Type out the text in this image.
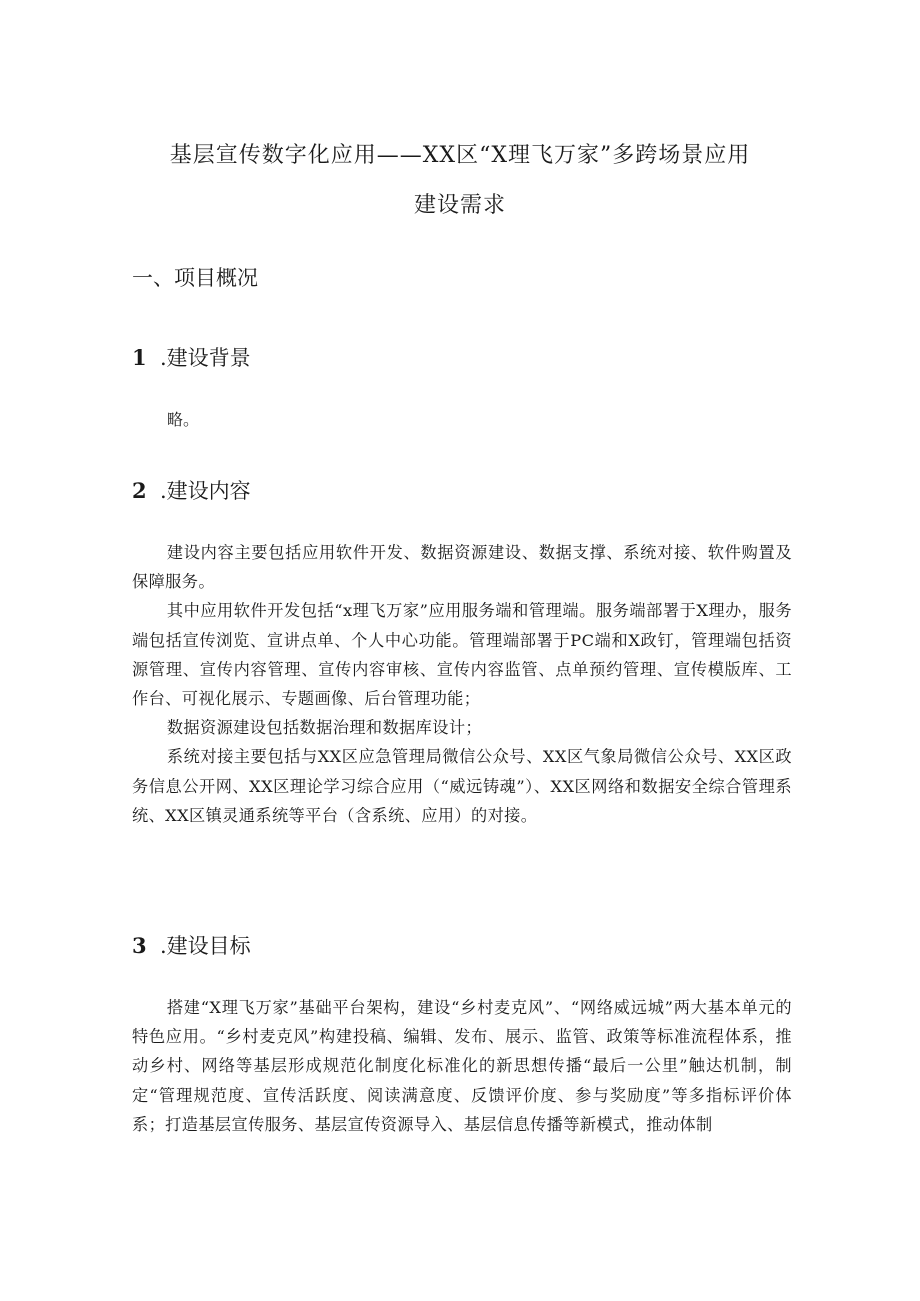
基层宣传数字化应用——XX区“X理飞万家”多跨场景应用
建设需求
一、项目概况
1 .建设背景
略。
2 .建设内容

建设内容主要包括应用软件开发、数据资源建设、数据支撑、系统对接、软件购置及保障服务。

其中应用软件开发包括“x理飞万家”应用服务端和管理端。服务端部署于X理办，服务端包括宣传浏览、宣讲点单、个人中心功能。管理端部署于PC端和X政钉，管理端包括资源管理、宣传内容管理、宣传内容审核、宣传内容监管、点单预约管理、宣传模版库、工作台、可视化展示、专题画像、后台管理功能；

数据资源建设包括数据治理和数据库设计；

系统对接主要包括与XX区应急管理局微信公众号、XX区气象局微信公众号、XX区政务信息公开网、XX区理论学习综合应用（“威远铸魂”）、XX区网络和数据安全综合管理系统、XX区镇灵通系统等平台（含系统、应用）的对接。

3 .建设目标

搭建“X理飞万家”基础平台架构，建设“乡村麦克风”、“网络威远城”两大基本单元的特色应用。“乡村麦克风”构建投稿、编辑、发布、展示、监管、政策等标准流程体系，推动乡村、网络等基层形成规范化制度化标准化的新思想传播“最后一公里”触达机制，制定“管理规范度、宣传活跃度、阅读满意度、反馈评价度、参与奖励度”等多指标评价体系；打造基层宣传服务、基层宣传资源导入、基层信息传播等新模式，推动体制
